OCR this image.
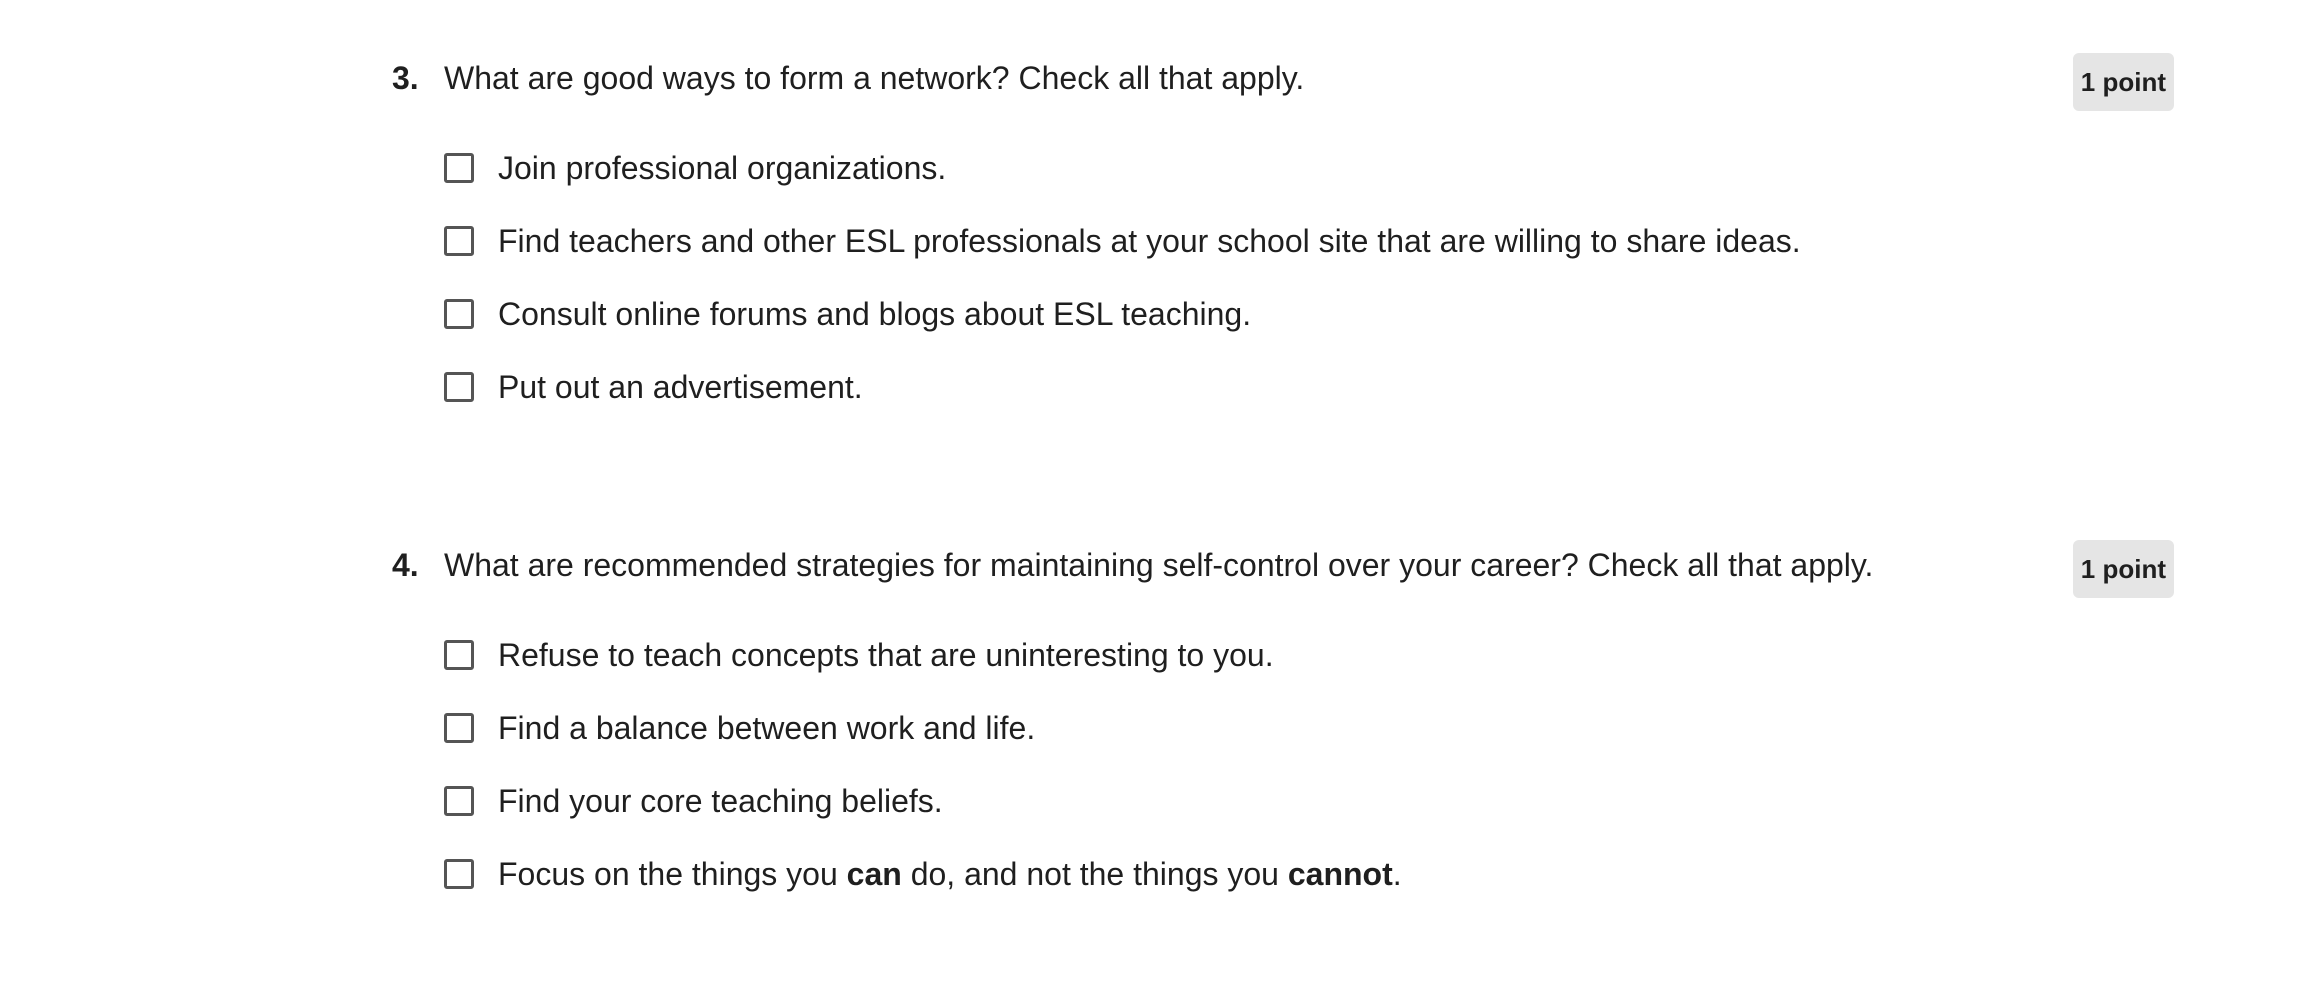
3. What are good ways to form a network? Check all that apply.	1 point
Join professional organizations.
Find teachers and other ESL professionals at your school site that are willing to share ideas.
Consult online forums and blogs about ESL teaching.
Put out an advertisement.
4. What are recommended strategies for maintaining self-control over your career? Check all that apply.	1 point
Refuse to teach concepts that are uninteresting to you.
Find a balance between work and life.
Find your core teaching beliefs.
Focus on the things you can do, and not the things you cannot.
